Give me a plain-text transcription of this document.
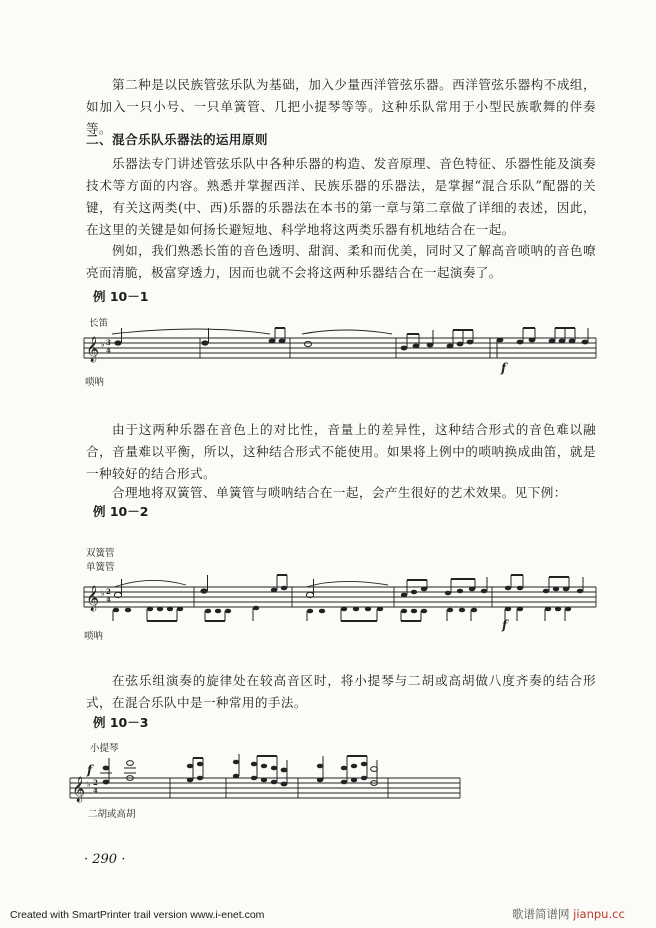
第二种是以民族管弦乐队为基础，加入少量西洋管弦乐器。西洋管弦乐器构不成组，如加入一只小号、一只单簧管、几把小提琴等等。这种乐队常用于小型民族歌舞的伴奏等。

二、混合乐队乐器法的运用原则

乐器法专门讲述管弦乐队中各种乐器的构造、发音原理、音色特征、乐器性能及演奏技术等方面的内容。熟悉并掌握西洋、民族乐器的乐器法，是掌握“混合乐队”配器的关键，有关这两类(中、西)乐器的乐器法在本书的第一章与第二章做了详细的表述，因此，在这里的关键是如何扬长避短地、科学地将这两类乐器有机地结合在一起。

例如，我们熟悉长笛的音色透明、甜润、柔和而优美，同时又了解高音唢呐的音色嘹亮而清脆，极富穿透力，因而也就不会将这两种乐器结合在一起演奏了。

例 10－1

长笛
唢呐
𝄞 ♭ 3
4
f

由于这两种乐器在音色上的对比性，音量上的差异性，这种结合形式的音色难以融合，音量难以平衡，所以，这种结合形式不能使用。如果将上例中的唢呐换成曲笛，就是一种较好的结合形式。

合理地将双簧管、单簧管与唢呐结合在一起，会产生很好的艺术效果。见下例：

例 10－2

双簧管
单簧管
唢呐
𝄞 ♭ 2
4
f

在弦乐组演奏的旋律处在较高音区时，将小提琴与二胡或高胡做八度齐奏的结合形式，在混合乐队中是一种常用的手法。

例 10－3

小提琴
二胡或高胡
𝄞 ♭ 2
4
f
· 290 ·
Created with SmartPrinter trail version www.i-enet.com	歌谱简谱网 jianpu.cc
